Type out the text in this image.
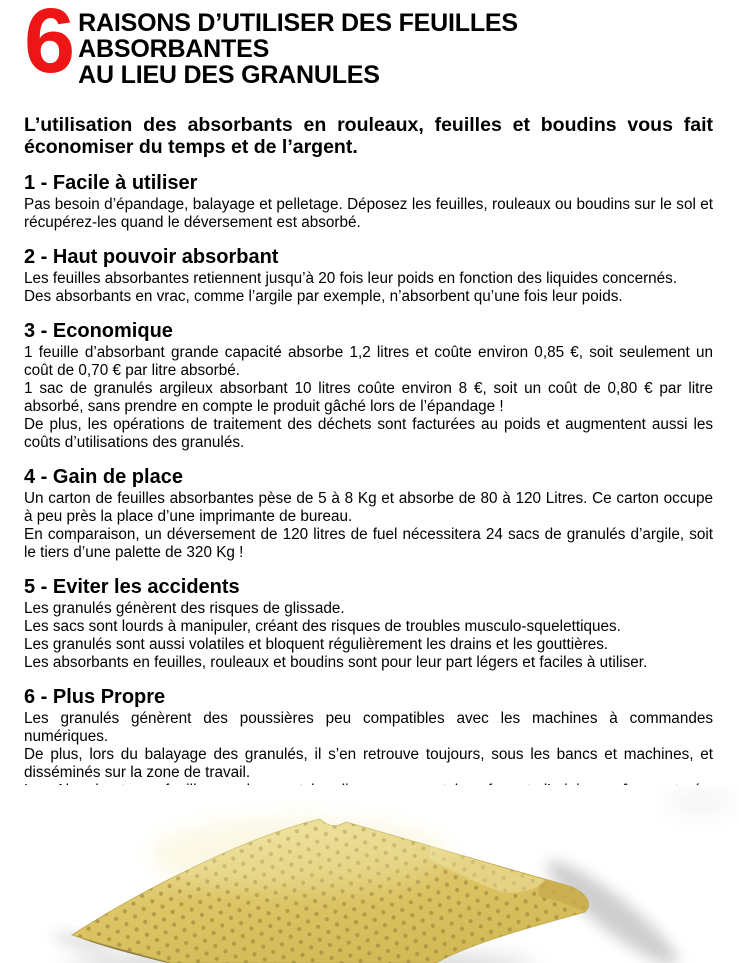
6 RAISONS D’UTILISER DES FEUILLES ABSORBANTES
AU LIEU DES GRANULES

L’utilisation des absorbants en rouleaux, feuilles et boudins vous fait économiser du temps et de l’argent.

1 - Facile à utiliser

Pas besoin d’épandage, balayage et pelletage. Déposez les feuilles, rouleaux ou boudins sur le sol et récupérez-les quand le déversement est absorbé.

2 - Haut pouvoir absorbant

Les feuilles absorbantes retiennent jusqu’à 20 fois leur poids en fonction des liquides concernés.

Des absorbants en vrac, comme l’argile par exemple, n’absorbent qu’une fois leur poids.

3 - Economique

1 feuille d’absorbant grande capacité absorbe 1,2 litres et coûte environ 0,85 €, soit seulement un coût de 0,70 € par litre absorbé.

1 sac de granulés argileux absorbant 10 litres coûte environ 8 €, soit un coût de 0,80 € par litre absorbé, sans prendre en compte le produit gâché lors de l’épandage !

De plus, les opérations de traitement des déchets sont facturées au poids et augmentent aussi les coûts d’utilisations des granulés.

4 - Gain de place

Un carton de feuilles absorbantes pèse de 5 à 8 Kg et absorbe de 80 à 120 Litres. Ce carton occupe à peu près la place d’une imprimante de bureau.

En comparaison, un déversement de 120 litres de fuel nécessitera 24 sacs de granulés d’argile, soit le tiers d’une palette de 320 Kg !

5 - Eviter les accidents

Les granulés génèrent des risques de glissade.

Les sacs sont lourds à manipuler, créant des risques de troubles musculo-squelettiques.

Les granulés sont aussi volatiles et bloquent régulièrement les drains et les gouttières.

Les absorbants en feuilles, rouleaux et boudins sont pour leur part légers et faciles à utiliser.

6 - Plus Propre

Les granulés génèrent des poussières peu compatibles avec les machines à commandes numériques.

De plus, lors du balayage des granulés, il s’en retrouve toujours, sous les bancs et machines, et disséminés sur la zone de travail.
